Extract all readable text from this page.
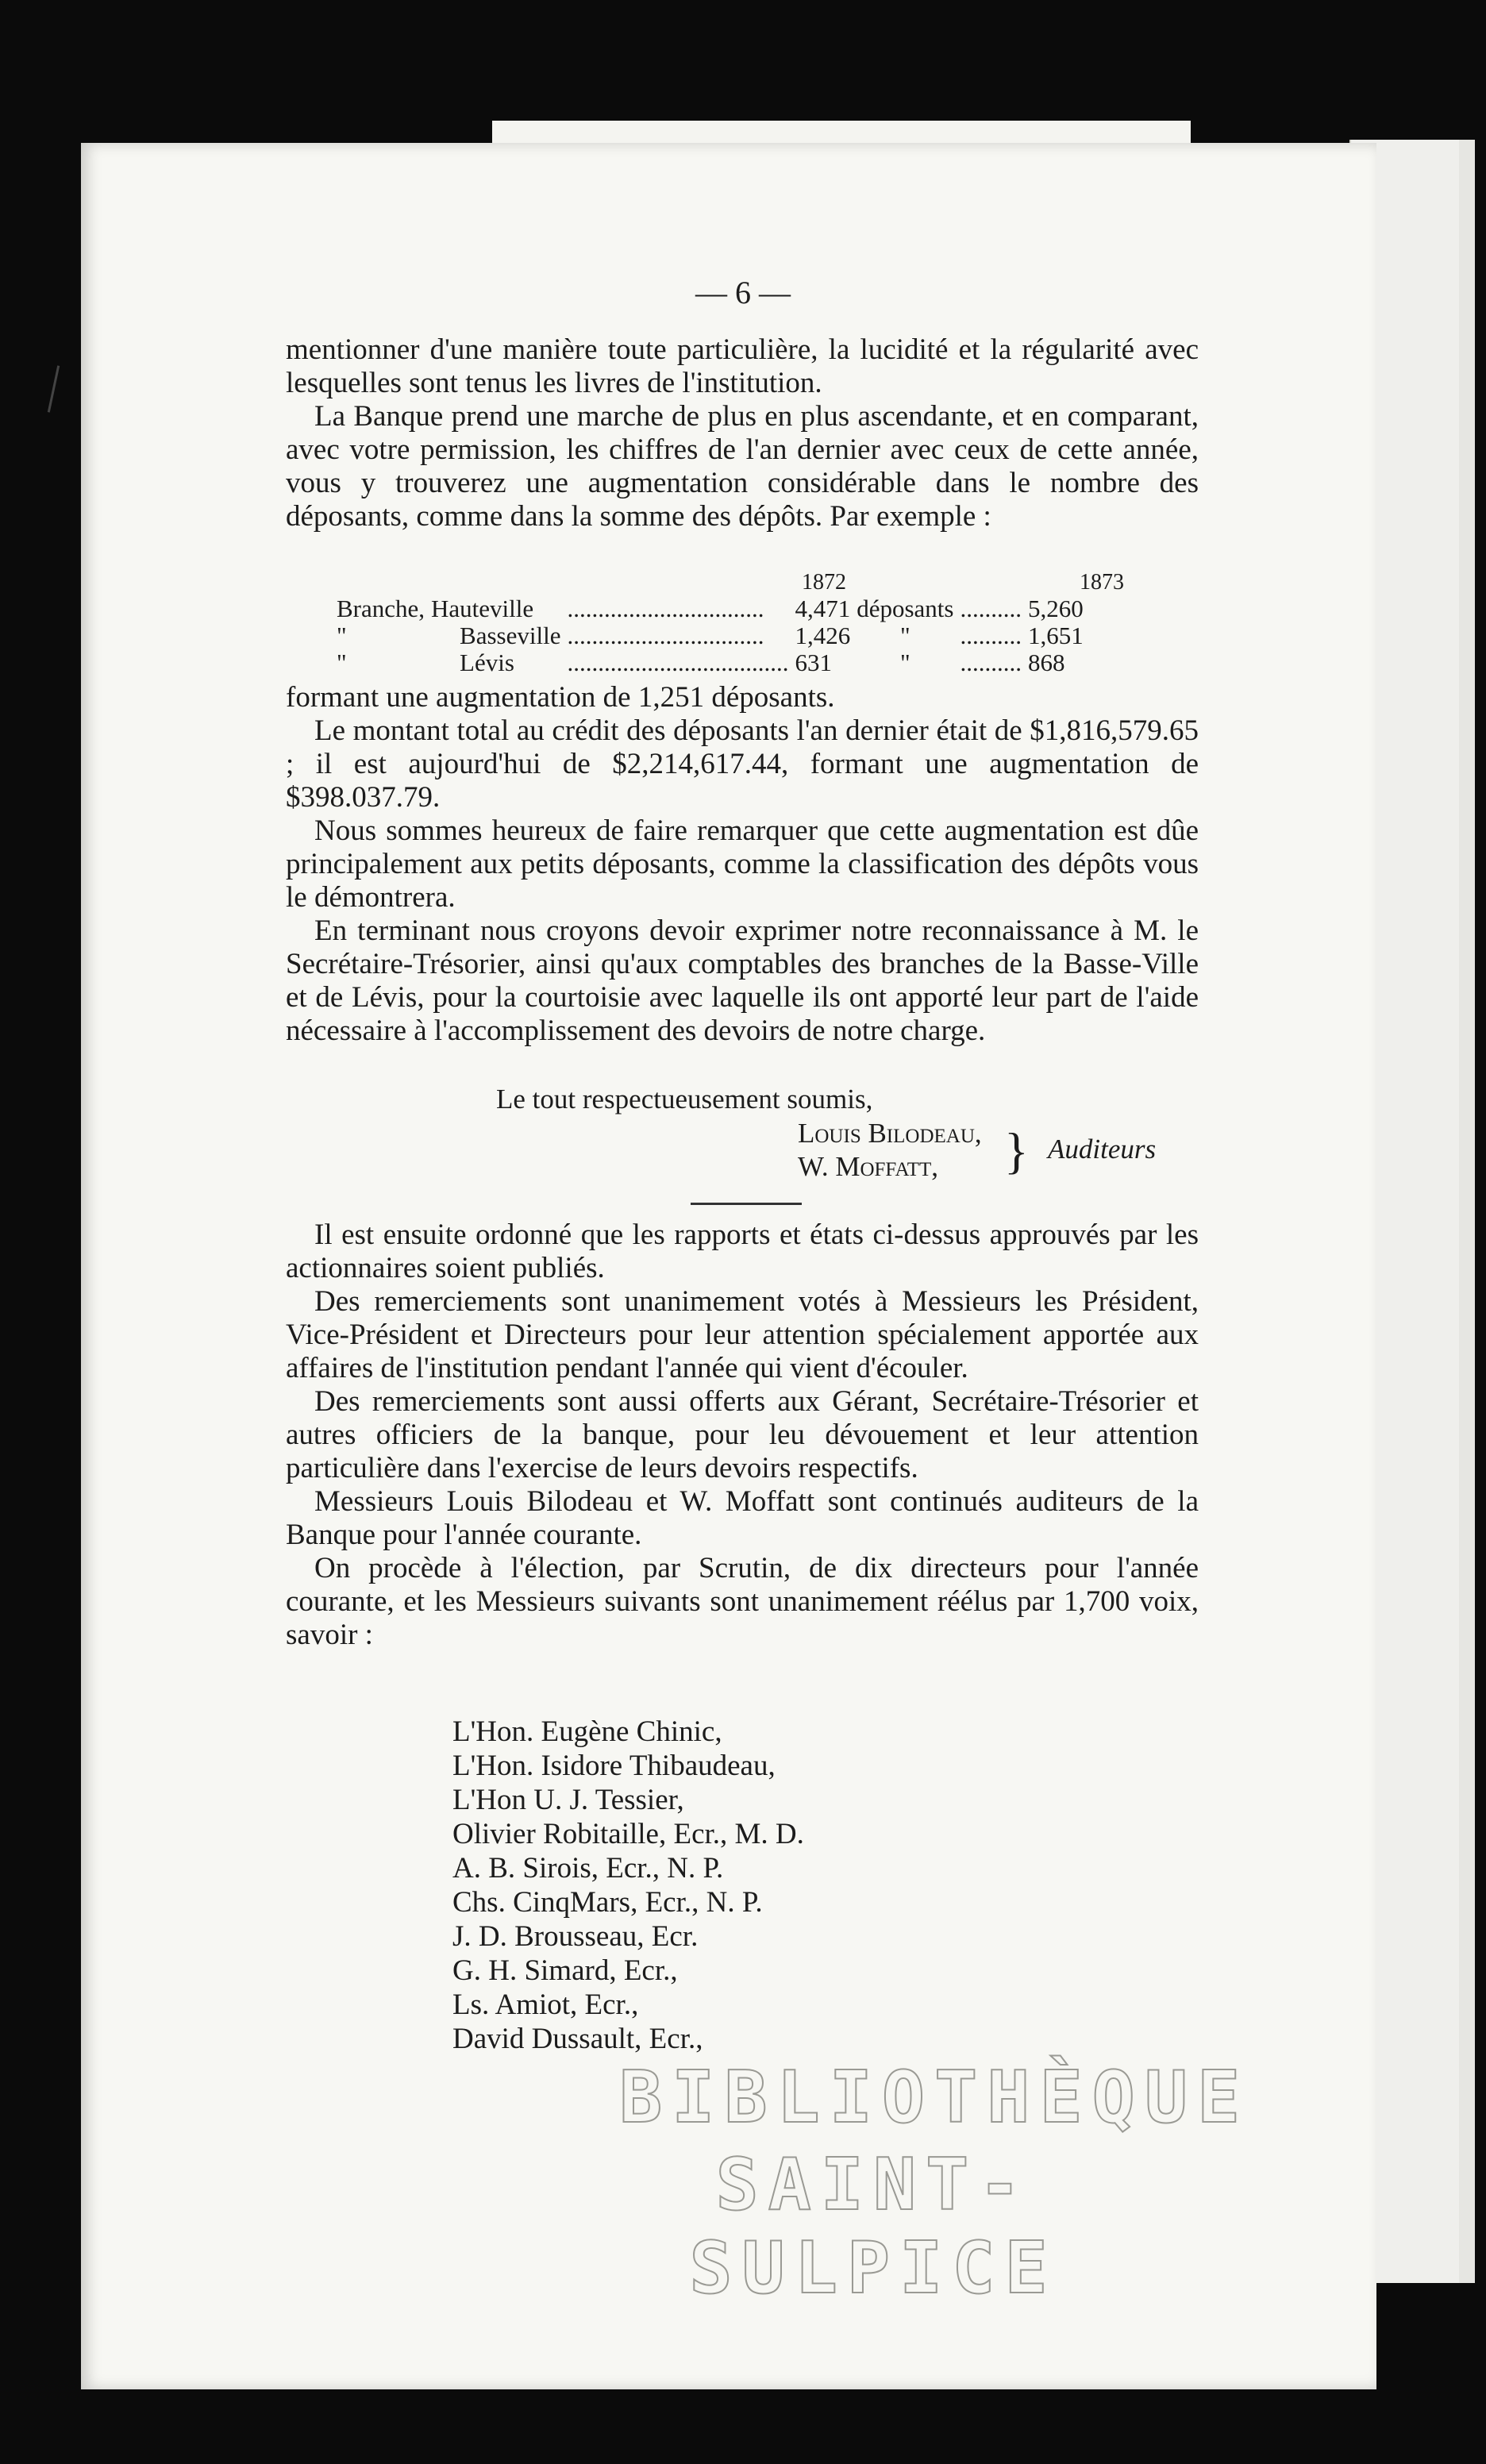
— 6 —

mentionner d'une manière toute particulière, la lucidité et la régularité avec lesquelles sont tenus les livres de l'institution.

La Banque prend une marche de plus en plus ascendante, et en comparant, avec votre permission, les chiffres de l'an dernier avec ceux de cette année, vous y trouverez une augmentation considérable dans le nombre des déposants, comme dans la somme des dépôts. Par exemple :

1872	1873
Branche,	Hauteville	................................	4,471	déposants	..........	5,260
"	Basseville	................................	1,426	"	..........	1,651
"	Lévis	....................................	631	"	..........	868

formant une augmentation de 1,251 déposants.

Le montant total au crédit des déposants l'an dernier était de $1,816,579.65 ; il est aujourd'hui de $2,214,617.44, formant une augmentation de $398.037.79.

Nous sommes heureux de faire remarquer que cette augmentation est dûe principalement aux petits déposants, comme la classification des dépôts vous le démontrera.

En terminant nous croyons devoir exprimer notre reconnaissance à M. le Secrétaire-Trésorier, ainsi qu'aux comptables des branches de la Basse-Ville et de Lévis, pour la courtoisie avec laquelle ils ont apporté leur part de l'aide nécessaire à l'accomplissement des devoirs de notre charge.

Le tout respectueusement soumis,
Louis Bilodeau,
W. Moffatt, } Auditeurs

Il est ensuite ordonné que les rapports et états ci-dessus approuvés par les actionnaires soient publiés.

Des remerciements sont unanimement votés à Messieurs les Président, Vice-Président et Directeurs pour leur attention spécialement apportée aux affaires de l'institution pendant l'année qui vient d'écouler.

Des remerciements sont aussi offerts aux Gérant, Secrétaire-Trésorier et autres officiers de la banque, pour leu dévouement et leur attention particulière dans l'exercise de leurs devoirs respectifs.

Messieurs Louis Bilodeau et W. Moffatt sont continués auditeurs de la Banque pour l'année courante.

On procède à l'élection, par Scrutin, de dix directeurs pour l'année courante, et les Messieurs suivants sont unanimement réélus par 1,700 voix, savoir :

L'Hon. Eugène Chinic,
L'Hon. Isidore Thibaudeau,
L'Hon U. J. Tessier,
Olivier Robitaille, Ecr., M. D.
A. B. Sirois, Ecr., N. P.
Chs. CinqMars, Ecr., N. P.
J. D. Brousseau, Ecr.
G. H. Simard, Ecr.,
Ls. Amiot, Ecr.,
David Dussault, Ecr.,
BIBLIOTHÈQUE
SAINT-SULPICE
